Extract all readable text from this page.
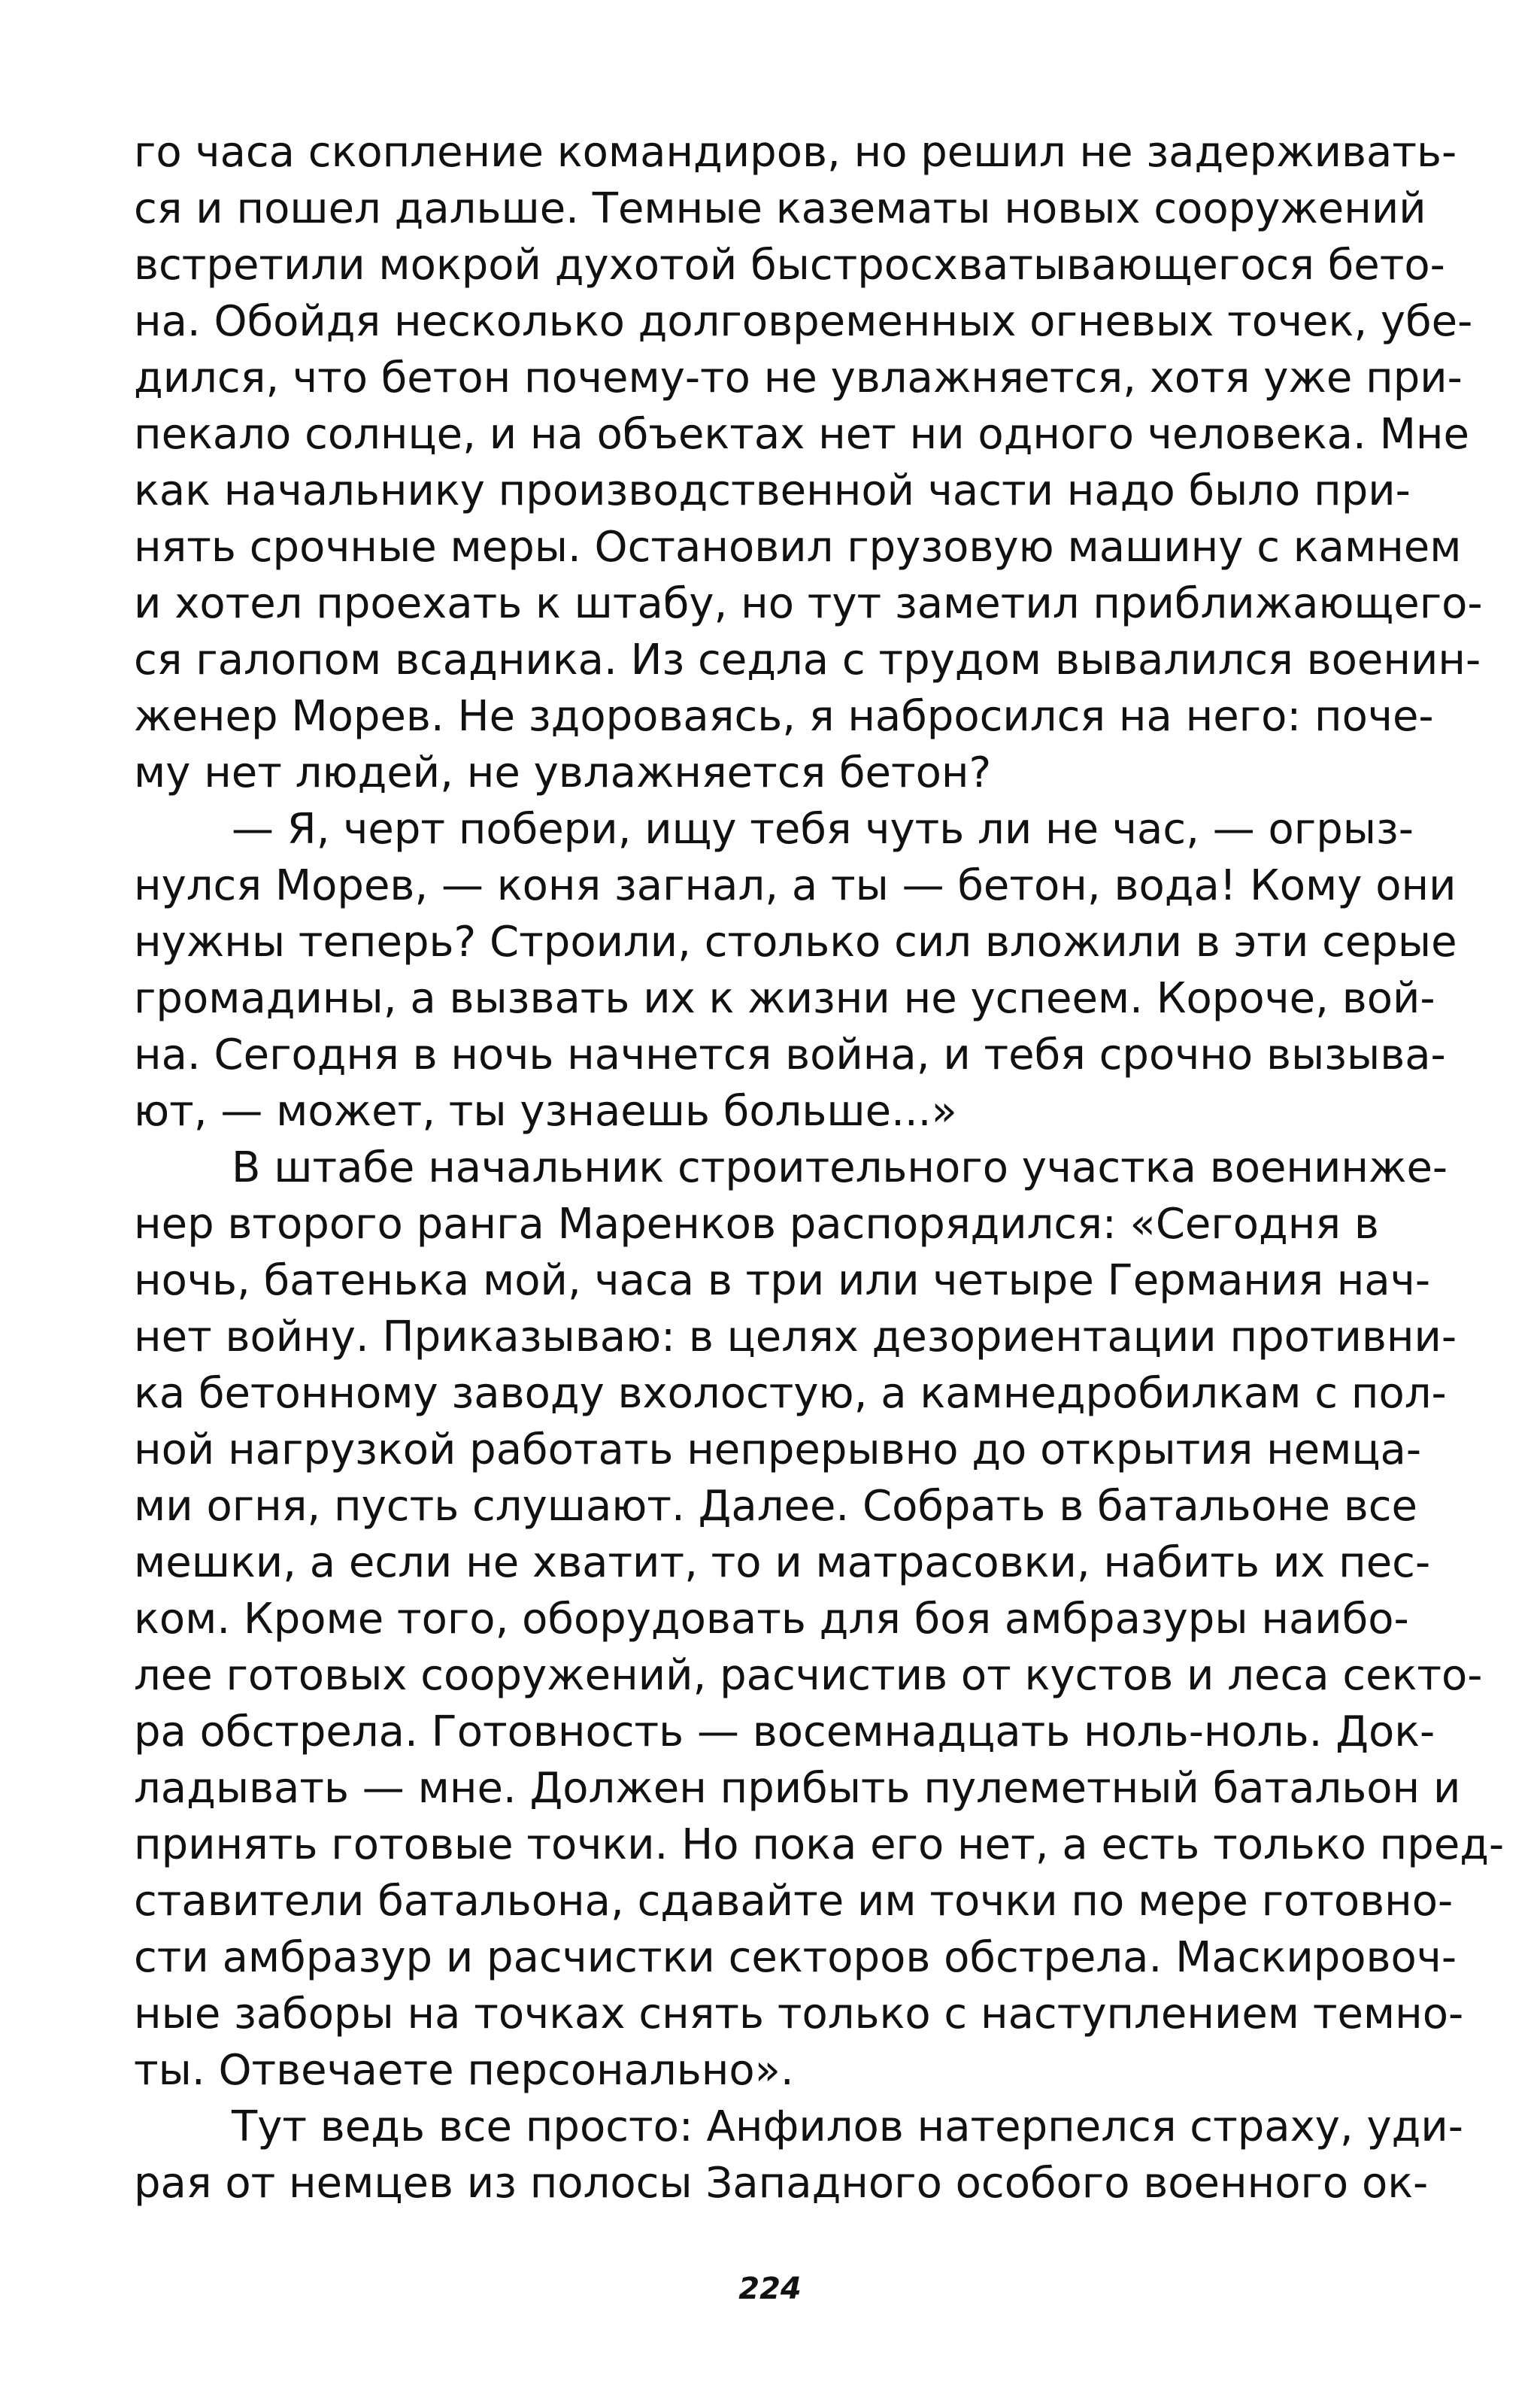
го часа скопление командиров, но решил не задерживать-
ся и пошел дальше. Темные казематы новых сооружений
встретили мокрой духотой быстросхватывающегося бето-
на. Обойдя несколько долговременных огневых точек, убе-
дился, что бетон почему-то не увлажняется, хотя уже при-
пекало солнце, и на объектах нет ни одного человека. Мне
как начальнику производственной части надо было при-
нять срочные меры. Остановил грузовую машину с камнем
и хотел проехать к штабу, но тут заметил приближающего-
ся галопом всадника. Из седла с трудом вывалился военин-
женер Морев. Не здороваясь, я набросился на него: поче-
му нет людей, не увлажняется бетон?
— Я, черт побери, ищу тебя чуть ли не час, — огрыз-
нулся Морев, — коня загнал, а ты — бетон, вода! Кому они
нужны теперь? Строили, столько сил вложили в эти серые
громадины, а вызвать их к жизни не успеем. Короче, вой-
на. Сегодня в ночь начнется война, и тебя срочно вызыва-
ют, — может, ты узнаешь больше...»
В штабе начальник строительного участка военинже-
нер второго ранга Маренков распорядился: «Сегодня в
ночь, батенька мой, часа в три или четыре Германия нач-
нет войну. Приказываю: в целях дезориентации противни-
ка бетонному заводу вхолостую, а камнедробилкам с пол-
ной нагрузкой работать непрерывно до открытия немца-
ми огня, пусть слушают. Далее. Собрать в батальоне все
мешки, а если не хватит, то и матрасовки, набить их пес-
ком. Кроме того, оборудовать для боя амбразуры наибо-
лее готовых сооружений, расчистив от кустов и леса секто-
ра обстрела. Готовность — восемнадцать ноль-ноль. Док-
ладывать — мне. Должен прибыть пулеметный батальон и
принять готовые точки. Но пока его нет, а есть только пред-
ставители батальона, сдавайте им точки по мере готовно-
сти амбразур и расчистки секторов обстрела. Маскировоч-
ные заборы на точках снять только с наступлением темно-
ты. Отвечаете персонально».
Тут ведь все просто: Анфилов натерпелся страху, уди-
рая от немцев из полосы Западного особого военного ок-
224
